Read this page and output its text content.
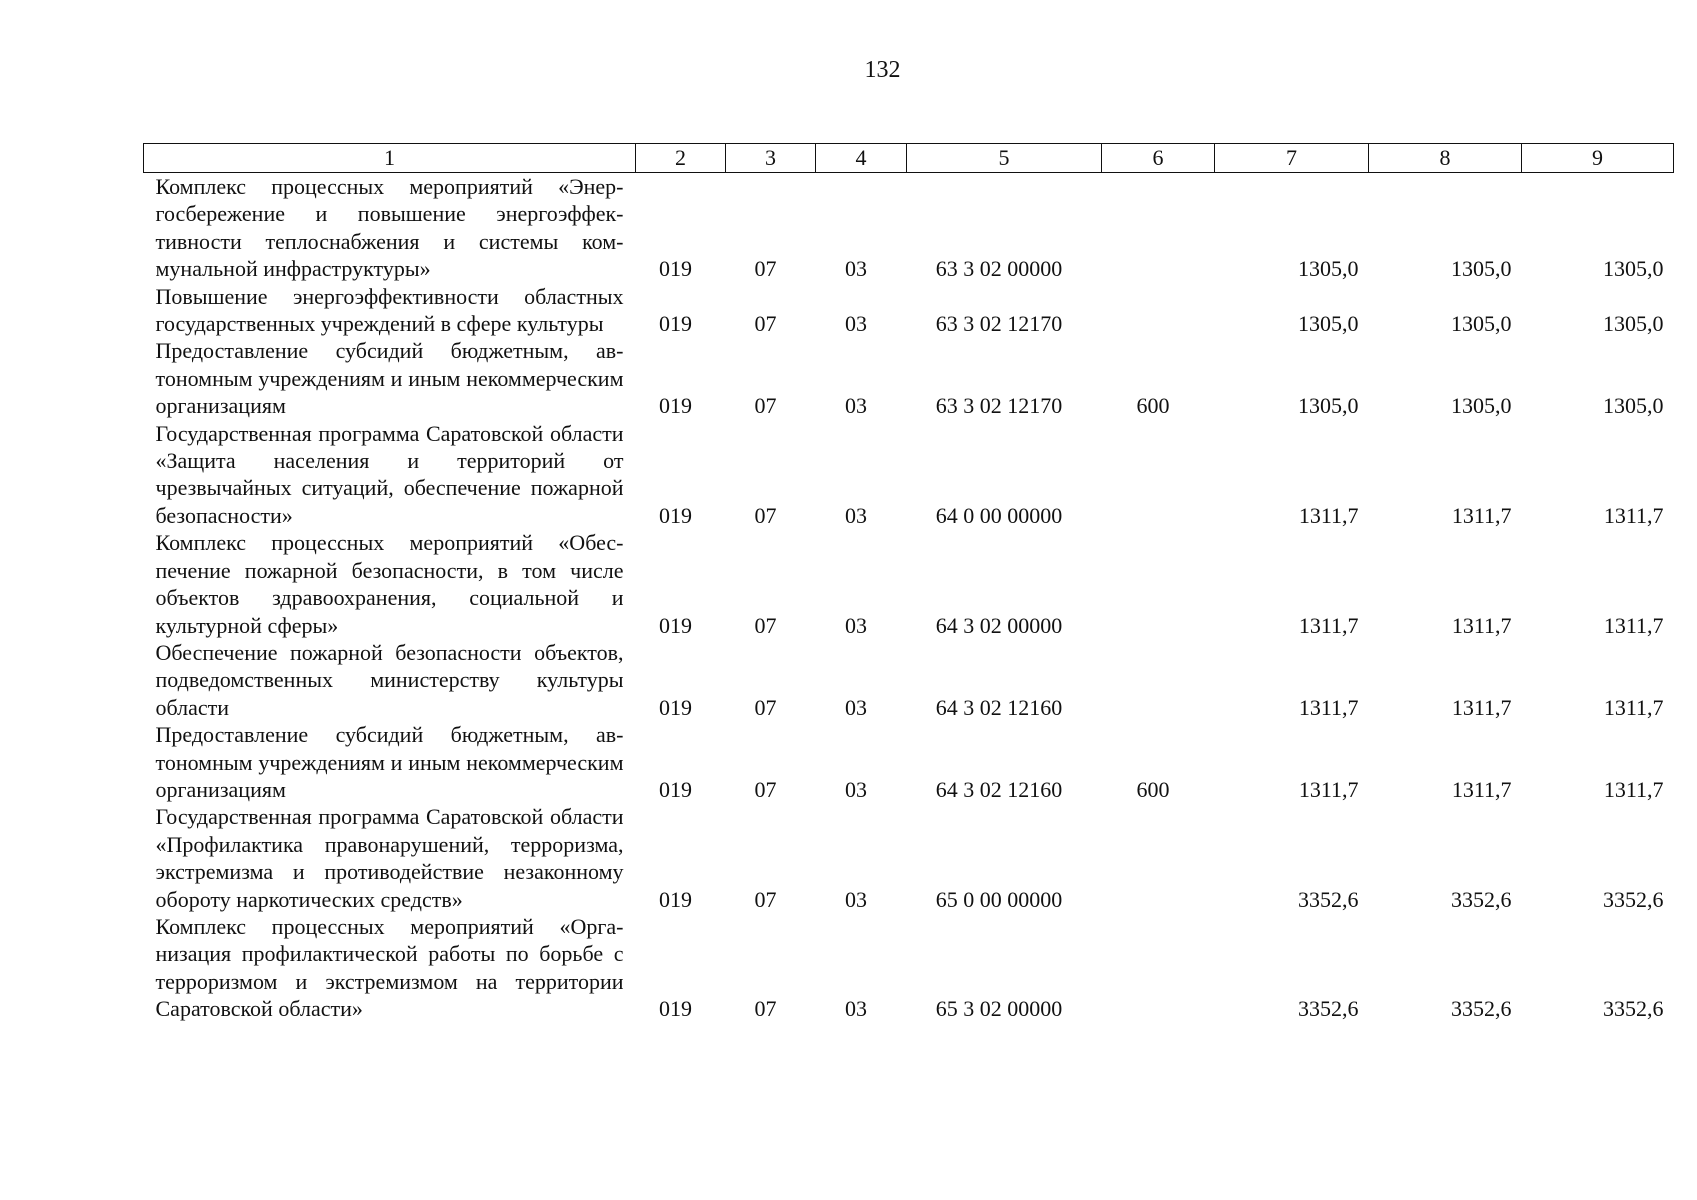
132
1	2	3	4	5	6	7	8	9
Комплекс процессных мероприятий «Энергосбережение и повышение энергоэффективности теплоснабжения и системы коммунальной инфраструктуры»	019	07	03	63 3 02 00000		1305,0	1305,0	1305,0
Повышение энергоэффективности областных государственных учреждений в сфере культуры	019	07	03	63 3 02 12170		1305,0	1305,0	1305,0
Предоставление субсидий бюджетным, автономным учреждениям и иным некоммерческим организациям	019	07	03	63 3 02 12170	600	1305,0	1305,0	1305,0
Государственная программа Саратовской области «Защита населения и территорий от чрезвычайных ситуаций, обеспечение пожарной безопасности»	019	07	03	64 0 00 00000		1311,7	1311,7	1311,7
Комплекс процессных мероприятий «Обеспечение пожарной безопасности, в том числе объектов здравоохранения, социальной и культурной сферы»	019	07	03	64 3 02 00000		1311,7	1311,7	1311,7
Обеспечение пожарной безопасности объектов, подведомственных министерству культуры области	019	07	03	64 3 02 12160		1311,7	1311,7	1311,7
Предоставление субсидий бюджетным, автономным учреждениям и иным некоммерческим организациям	019	07	03	64 3 02 12160	600	1311,7	1311,7	1311,7
Государственная программа Саратовской области «Профилактика правонарушений, терроризма, экстремизма и противодействие незаконному обороту наркотических средств»	019	07	03	65 0 00 00000		3352,6	3352,6	3352,6
Комплекс процессных мероприятий «Организация профилактической работы по борьбе с терроризмом и экстремизмом на территории Саратовской области»	019	07	03	65 3 02 00000		3352,6	3352,6	3352,6
